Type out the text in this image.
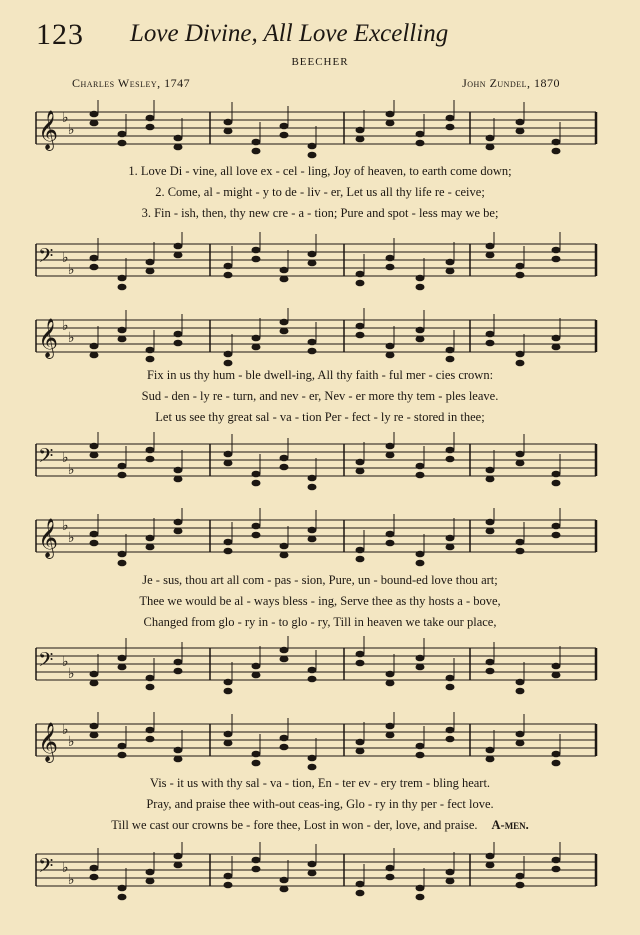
123 Love Divine, All Love Excelling
BEECHER
Charles Wesley, 1747	John Zundel, 1870
𝄞 ♭
♭
1. Love Di - vine, all love ex - cel - ling, Joy of heaven, to earth come down;
2. Come, al - might - y to de - liv - er, Let us all thy life re - ceive;
3. Fin - ish, then, thy new cre - a - tion; Pure and spot - less may we be;
𝄢 ♭
♭
𝄞 ♭
♭
Fix in us thy hum - ble dwell-ing, All thy faith - ful mer - cies crown:
Sud - den - ly re - turn, and nev - er, Nev - er more thy tem - ples leave.
Let us see thy great sal - va - tion Per - fect - ly re - stored in thee;
𝄢 ♭
♭
𝄞 ♭
♭
Je - sus, thou art all com - pas - sion, Pure, un - bound-ed love thou art;
Thee we would be al - ways bless - ing, Serve thee as thy hosts a - bove,
Changed from glo - ry in - to glo - ry, Till in heaven we take our place,
𝄢 ♭
♭
𝄞 ♭
♭
Vis - it us with thy sal - va - tion, En - ter ev - ery trem - bling heart.
Pray, and praise thee with-out ceas-ing, Glo - ry in thy per - fect love.
Till we cast our crowns be - fore thee, Lost in won - der, love, and praise. A-men.
𝄢 ♭
♭
